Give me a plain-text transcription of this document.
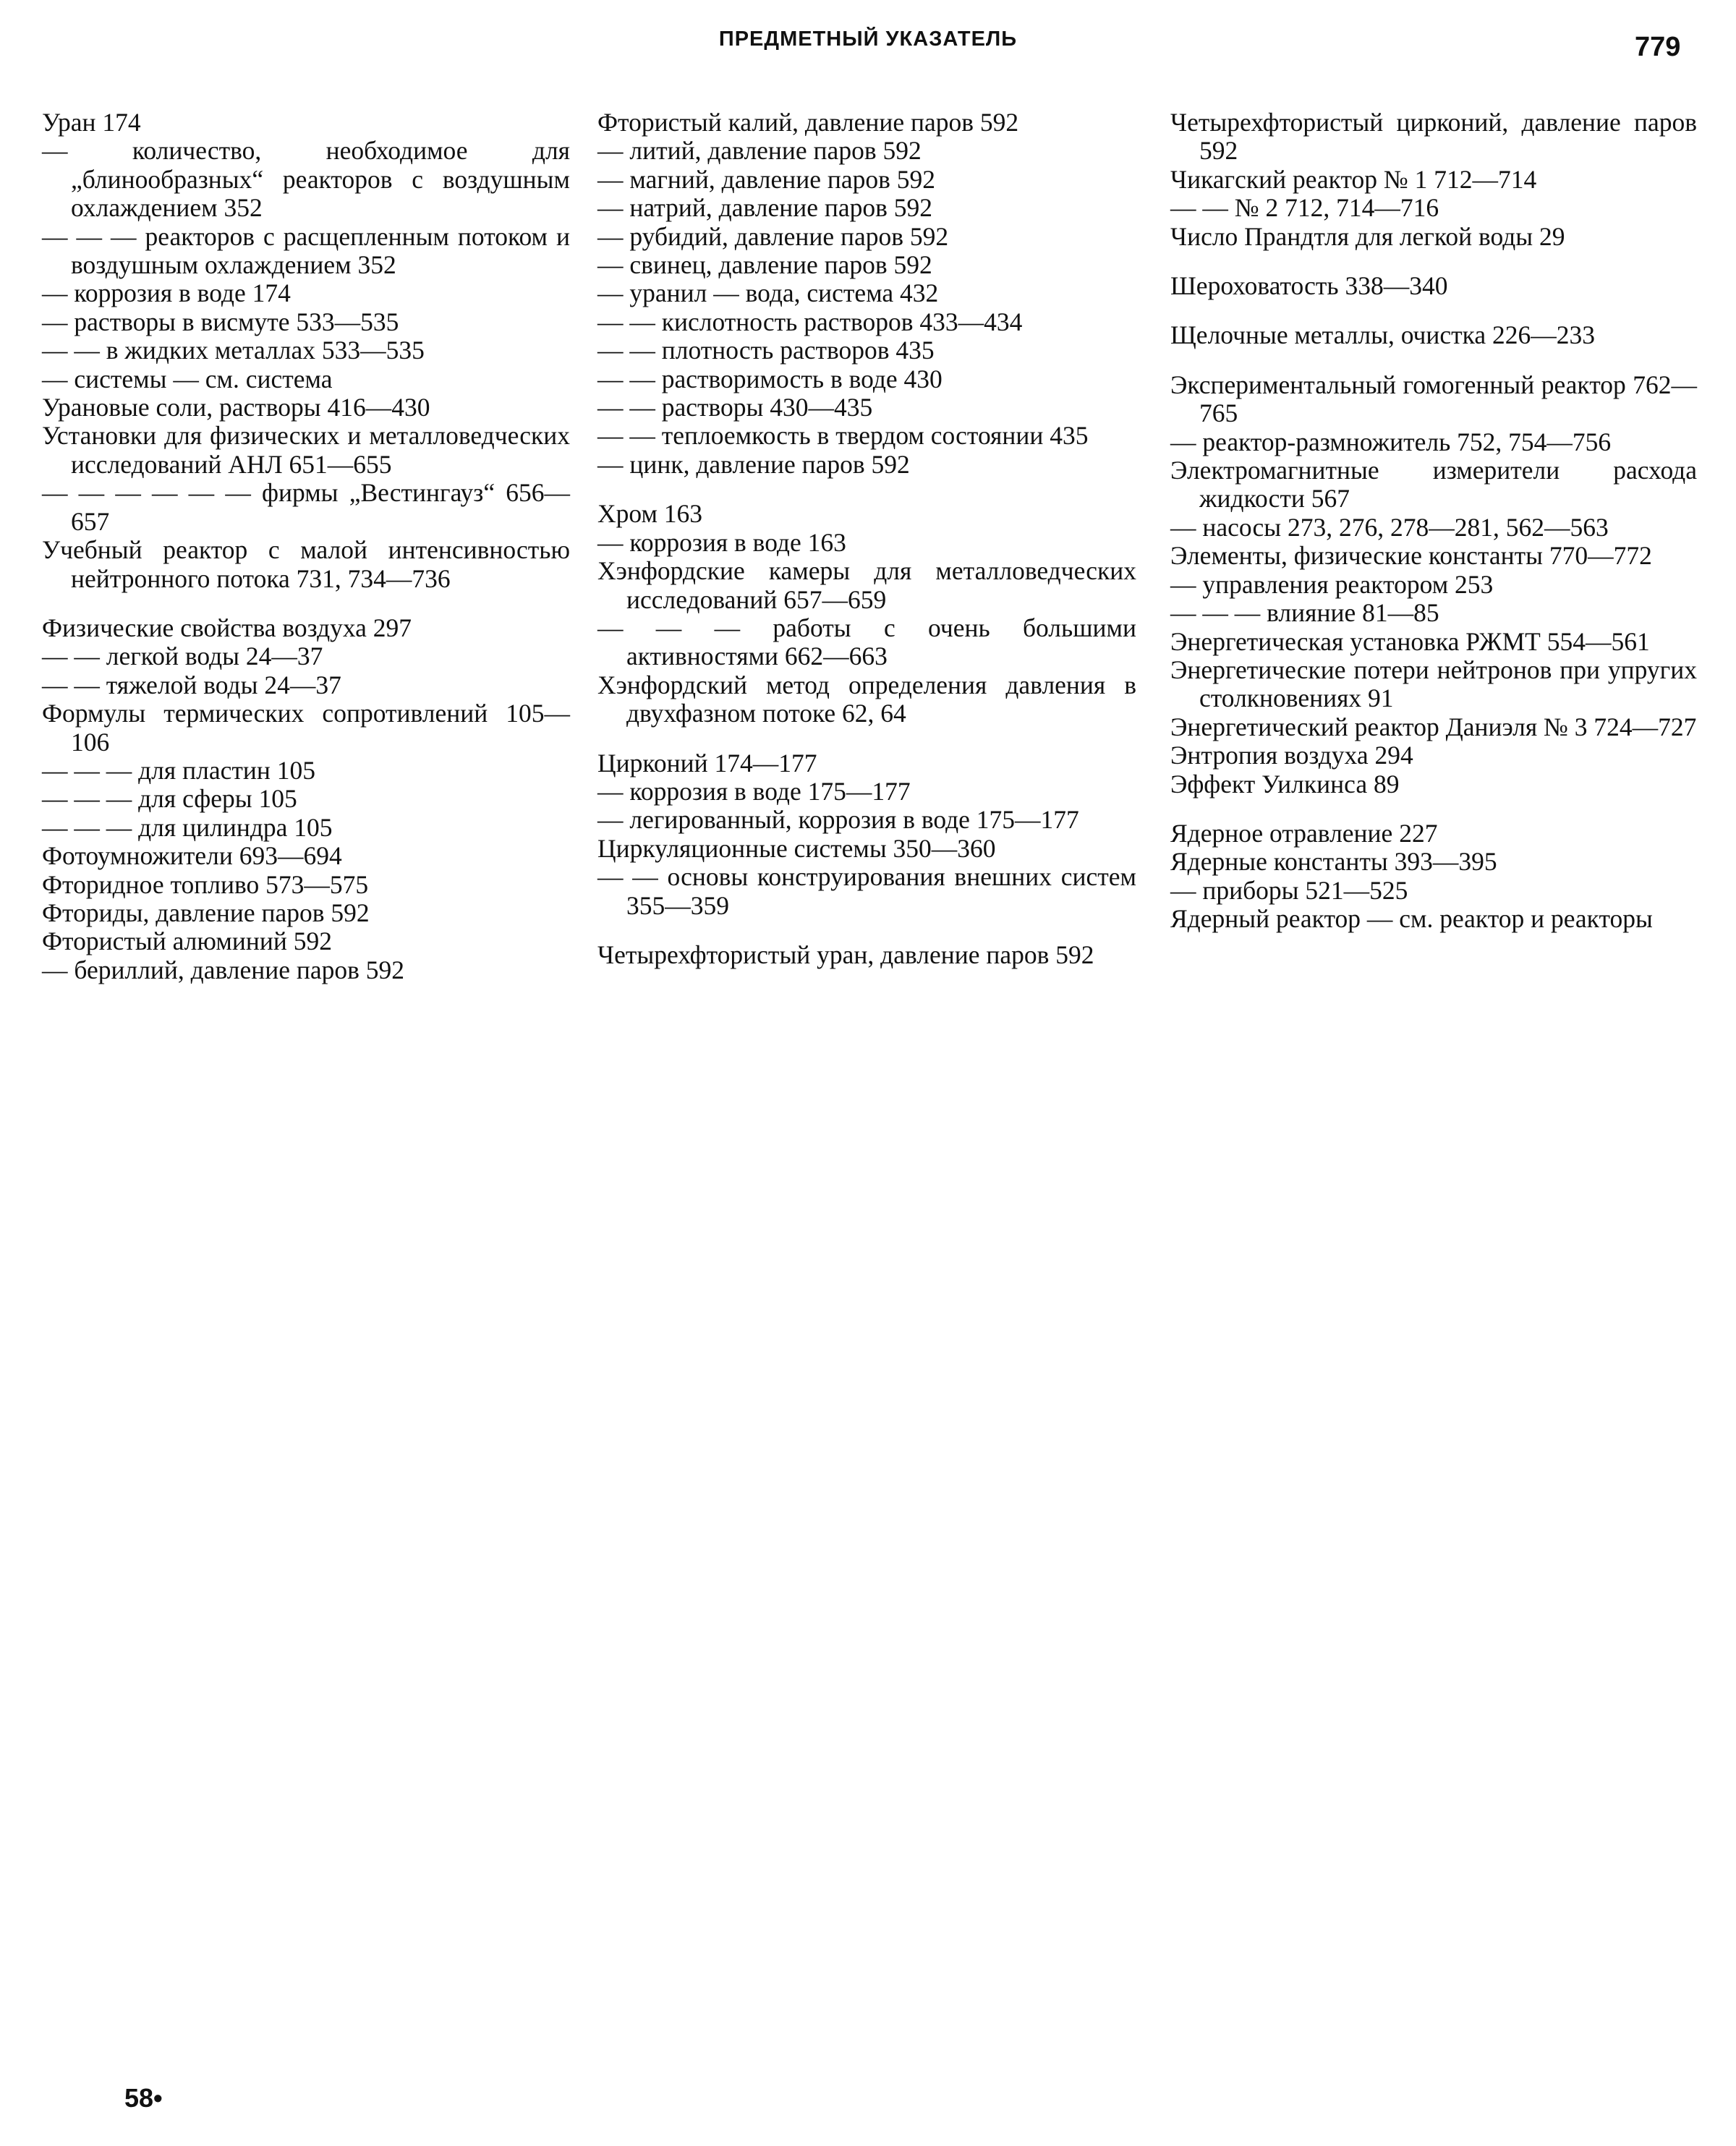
ПРЕДМЕТНЫЙ УКАЗАТЕЛЬ	779

Уран 174

— количество, необходимое для „блинообразных“ реакторов с воздушным охлаждением 352

— — — реакторов с расщепленным потоком и воздушным охлаждением 352

— коррозия в воде 174

— растворы в висмуте 533—535

— — в жидких металлах 533—535

— системы — см. система

Урановые соли, растворы 416—430

Установки для физических и металловедческих исследований АНЛ 651—655

— — — — — — фирмы „Вестингауз“ 656—657

Учебный реактор с малой интенсивностью нейтронного потока 731, 734—736

Физические свойства воздуха 297

— — легкой воды 24—37

— — тяжелой воды 24—37

Формулы термических сопротивлений 105—106

— — — для пластин 105

— — — для сферы 105

— — — для цилиндра 105

Фотоумножители 693—694

Фторидное топливо 573—575

Фториды, давление паров 592

Фтористый алюминий 592

— бериллий, давление паров 592

Фтористый калий, давление паров 592

— литий, давление паров 592

— магний, давление паров 592

— натрий, давление паров 592

— рубидий, давление паров 592

— свинец, давление паров 592

— уранил — вода, система 432

— — кислотность растворов 433—434

— — плотность растворов 435

— — растворимость в воде 430

— — растворы 430—435

— — теплоемкость в твердом состоянии 435

— цинк, давление паров 592

Хром 163

— коррозия в воде 163

Хэнфордские камеры для металловедческих исследований 657—659

— — — работы с очень большими активностями 662—663

Хэнфордский метод определения давления в двухфазном потоке 62, 64

Цирконий 174—177

— коррозия в воде 175—177

— легированный, коррозия в воде 175—177

Циркуляционные системы 350—360

— — основы конструирования внешних систем 355—359

Четырехфтористый уран, давление паров 592

Четырехфтористый цирконий, давление паров 592

Чикагский реактор № 1 712—714

— — № 2 712, 714—716

Число Прандтля для легкой воды 29

Шероховатость 338—340

Щелочные металлы, очистка 226—233

Экспериментальный гомогенный реактор 762—765

— реактор-размножитель 752, 754—756

Электромагнитные измерители расхода жидкости 567

— насосы 273, 276, 278—281, 562—563

Элементы, физические константы 770—772

— управления реактором 253

— — — влияние 81—85

Энергетическая установка РЖМТ 554—561

Энергетические потери нейтронов при упругих столкновениях 91

Энергетический реактор Даниэля № 3 724—727

Энтропия воздуха 294

Эффект Уилкинса 89

Ядерное отравление 227

Ядерные константы 393—395

— приборы 521—525

Ядерный реактор — см. реактор и реакторы

58•
